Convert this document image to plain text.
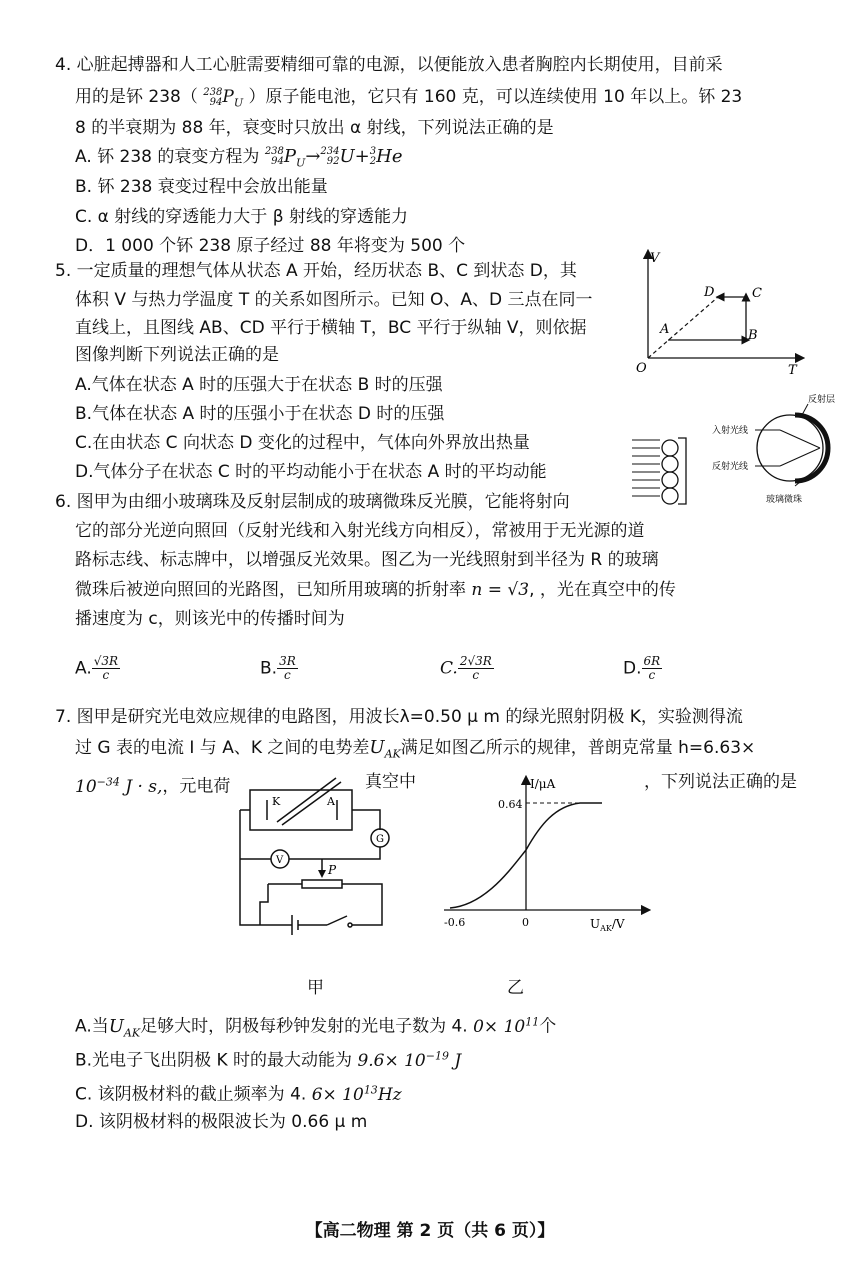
4. 心脏起搏器和人工心脏需要精细可靠的电源，以便能放入患者胸腔内长期使用，目前采
用的是钚 238（ 238
94 $P_U$ ）原子能电池，它只有 160 克，可以连续使用 10 年以上。钚 23
8 的半衰期为 88 年，衰变时只放出 α 射线，下列说法正确的是
A. 钚 238 的衰变方程为 238
94 $P_U\to 234$
92 U+ 3
2 He
B. 钚 238 衰变过程中会放出能量
C. α 射线的穿透能力大于 β 射线的穿透能力
D．1 000 个钚 238 原子经过 88 年将变为 500 个
5. 一定质量的理想气体从状态 A 开始，经历状态 B、C 到状态 D，其
体积 V 与热力学温度 T 的关系如图所示。已知 O、A、D 三点在同一
直线上，且图线 AB、CD 平行于横轴 T，BC 平行于纵轴 V，则依据
图像判断下列说法正确的是
A.气体在状态 A 时的压强大于在状态 B 时的压强
B.气体在状态 A 时的压强小于在状态 D 时的压强
C.在由状态 C 向状态 D 变化的过程中，气体向外界放出热量
D.气体分子在状态 C 时的平均动能小于在状态 A 时的平均动能
V
T
O
A	B
C
D
反射层
入射光线
反射光线
玻璃微珠
6. 图甲为由细小玻璃珠及反射层制成的玻璃微珠反光膜，它能将射向
它的部分光逆向照回（反射光线和入射光线方向相反），常被用于无光源的道
路标志线、标志牌中，以增强反光效果。图乙为一光线照射到半径为 R 的玻璃
微珠后被逆向照回的光路图，已知所用玻璃的折射率 n = √3, ，光在真空中的传
播速度为 c，则该光中的传播时间为
A. $\frac{√3R}{c}$	B. $\frac{3R}{c}$	C. $\frac{2√3R}{c}$	D. $\frac{6R}{c}$
7. 图甲是研究光电效应规律的电路图，用波长λ=0.50 μ m 的绿光照射阴极 K，实验测得流
过 G 表的电流 I 与 A、K 之间的电势差$U_{AK}$满足如图乙所示的规律，普朗克常量 h=6.63×
$10^{-34}$ J · s,，元电荷	真空中	，下列说法正确的是
K	A
G
V
P
I/μA
0.64
-0.6	0	$U_{AK}/V$
甲	乙
A.当$U_{AK}$足够大时，阴极每秒钟发射的光电子数为 4. $0\times 10^{11}$个
B.光电子飞出阴极 K 时的最大动能为 $9.6\times 10^{-19}$ J
C. 该阴极材料的截止频率为 4. $6\times 10^{13}Hz$
D. 该阴极材料的极限波长为 0.66 μ m
【高二物理 第 2 页（共 6 页）】
